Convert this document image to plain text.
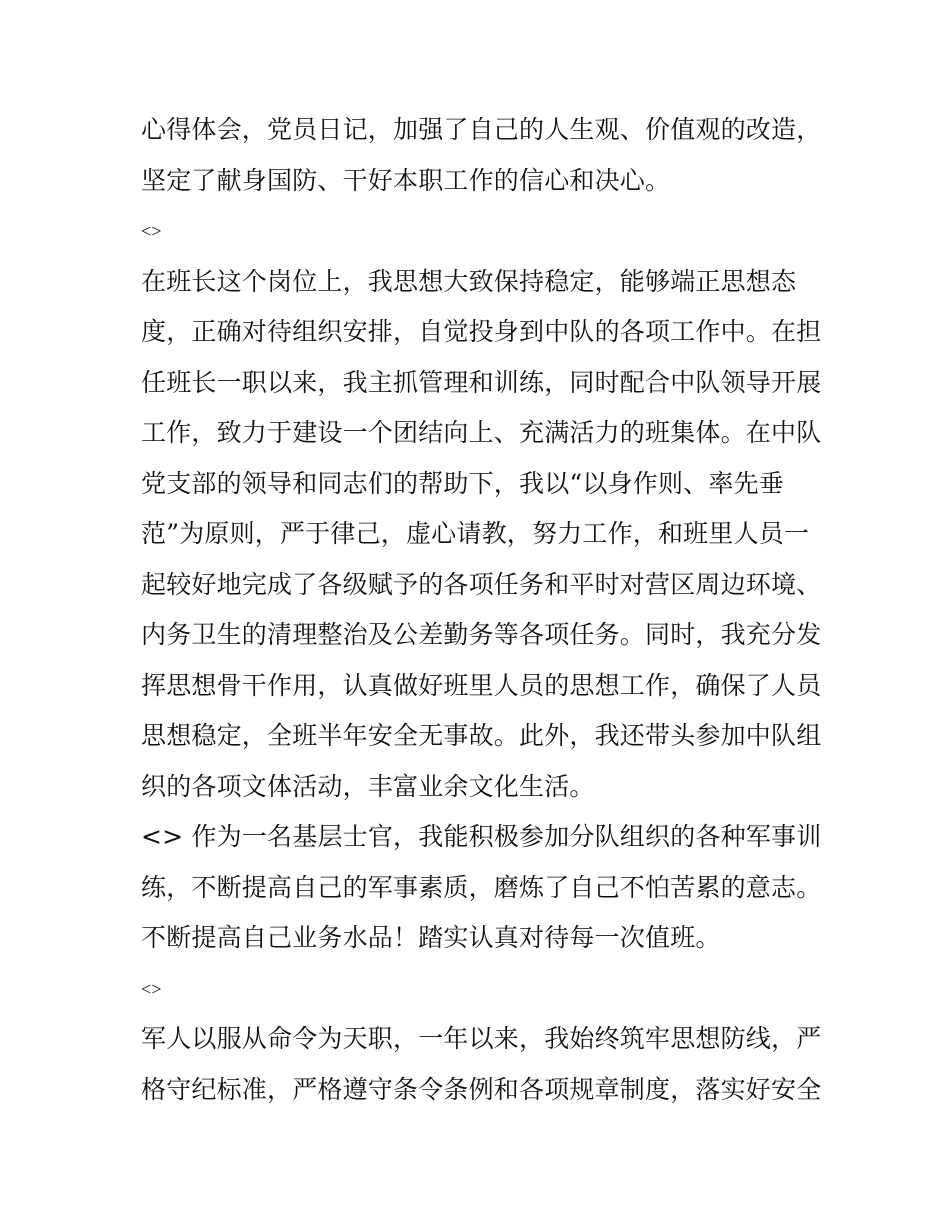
心得体会，党员日记，加强了自己的人生观、价值观的改造，
坚定了献身国防、干好本职工作的信心和决心。
<>
在班长这个岗位上，我思想大致保持稳定，能够端正思想态
度，正确对待组织安排，自觉投身到中队的各项工作中。在担
任班长一职以来，我主抓管理和训练，同时配合中队领导开展
工作，致力于建设一个团结向上、充满活力的班集体。在中队
党支部的领导和同志们的帮助下，我以“以身作则、率先垂
范”为原则，严于律己，虚心请教，努力工作，和班里人员一
起较好地完成了各级赋予的各项任务和平时对营区周边环境、
内务卫生的清理整治及公差勤务等各项任务。同时，我充分发
挥思想骨干作用，认真做好班里人员的思想工作，确保了人员
思想稳定，全班半年安全无事故。此外，我还带头参加中队组
织的各项文体活动，丰富业余文化生活。
<> 作为一名基层士官，我能积极参加分队组织的各种军事训
练，不断提高自己的军事素质，磨炼了自己不怕苦累的意志。
不断提高自己业务水品！踏实认真对待每一次值班。
<>
军人以服从命令为天职，一年以来，我始终筑牢思想防线，严
格守纪标准，严格遵守条令条例和各项规章制度，落实好安全
